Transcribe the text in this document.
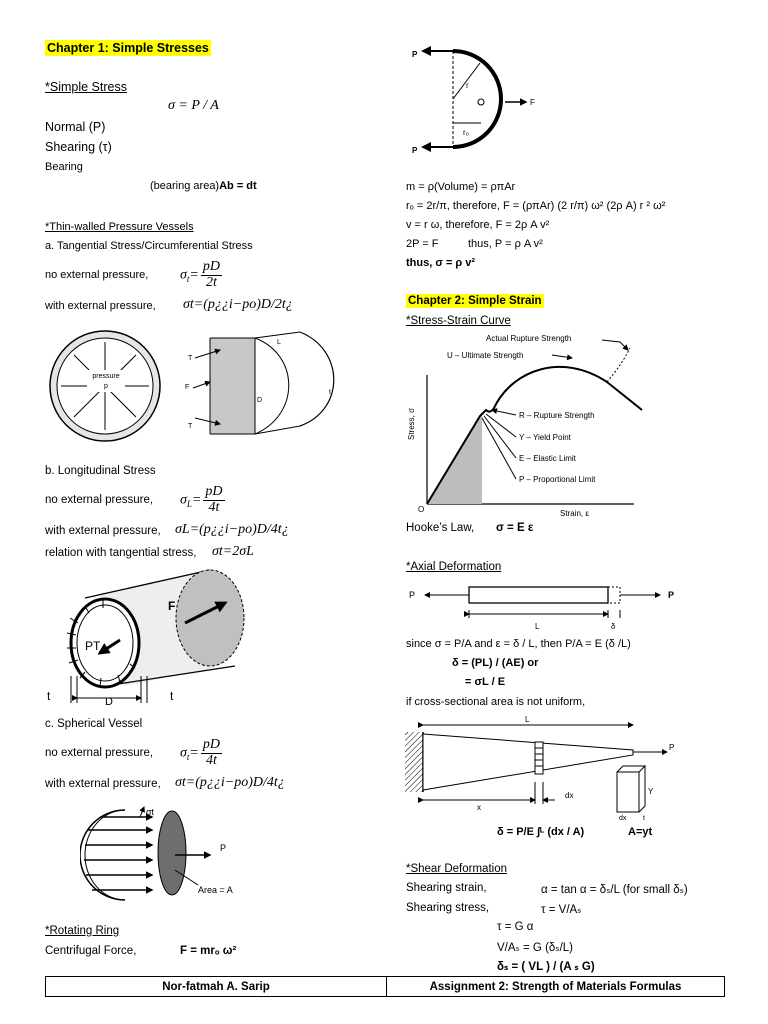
Chapter 1: Simple Stresses
*Simple Stress
σ = P / A
Normal (P)
Shearing (τ)
Bearing
(bearing area)Ab = dt
*Thin-walled Pressure Vessels
a. Tangential Stress/Circumferential Stress
no external pressure, $\sigma_t= \frac{pD}{2t}$
with external pressure, σt=(p¿¿i−po)D/2t¿
pressure
p
T
F
T
L
D
t
b. Longitudinal Stress
no external pressure, $\sigma_L= \frac{pD}{4t}$
with external pressure, σL=(p¿¿i−po)D/4t¿
relation with tangential stress, σt=2σL
F
PT
t	D	t
c. Spherical Vessel
no external pressure, $\sigma_t= \frac{pD}{4t}$
with external pressure, σt=(p¿¿i−po)D/4t¿
σt
P
Area = A
*Rotating Ring
Centrifugal Force,	F = mrₒ ω²
P
P
F
r
r₀
m = ρ(Volume) = ρπAr
rₒ = 2r/π, therefore, F = (ρπAr) (2 r/π) ω² (2ρ A) r ² ω²
v = r ω, therefore, F = 2ρ A v²
2P = F	thus, P = ρ A v²
thus, σ = ρ v²
Chapter 2: Simple Strain
*Stress-Strain Curve
Actual Rupture Strength
U – Ultimate Strength
R – Rupture Strength
Y – Yield Point
E – Elastic Limit
P – Proportional Limit
Stress, σ
Strain, ε
O
Hooke’s Law, σ = E ε
*Axial Deformation
P	P
L	δ
since σ = P/A and ε = δ / L, then P/A = E (δ /L)
δ = (PL) / (AE) or
= σL / E
if cross-sectional area is not uniform,
L
P
x
dx	Y
dx t
δ = P/E ∫ᴸ (dx / A)	A=yt
*Shear Deformation
Shearing strain,	α = tan α = δₛ/L (for small δₛ)
Shearing stress,	τ = V/Aₛ
τ = G α
V/Aₛ = G (δₛ/L)
δₛ = ( VL ) / (A ₛ G)
Nor-fatmah A. Sarip	Assignment 2: Strength of Materials Formulas
